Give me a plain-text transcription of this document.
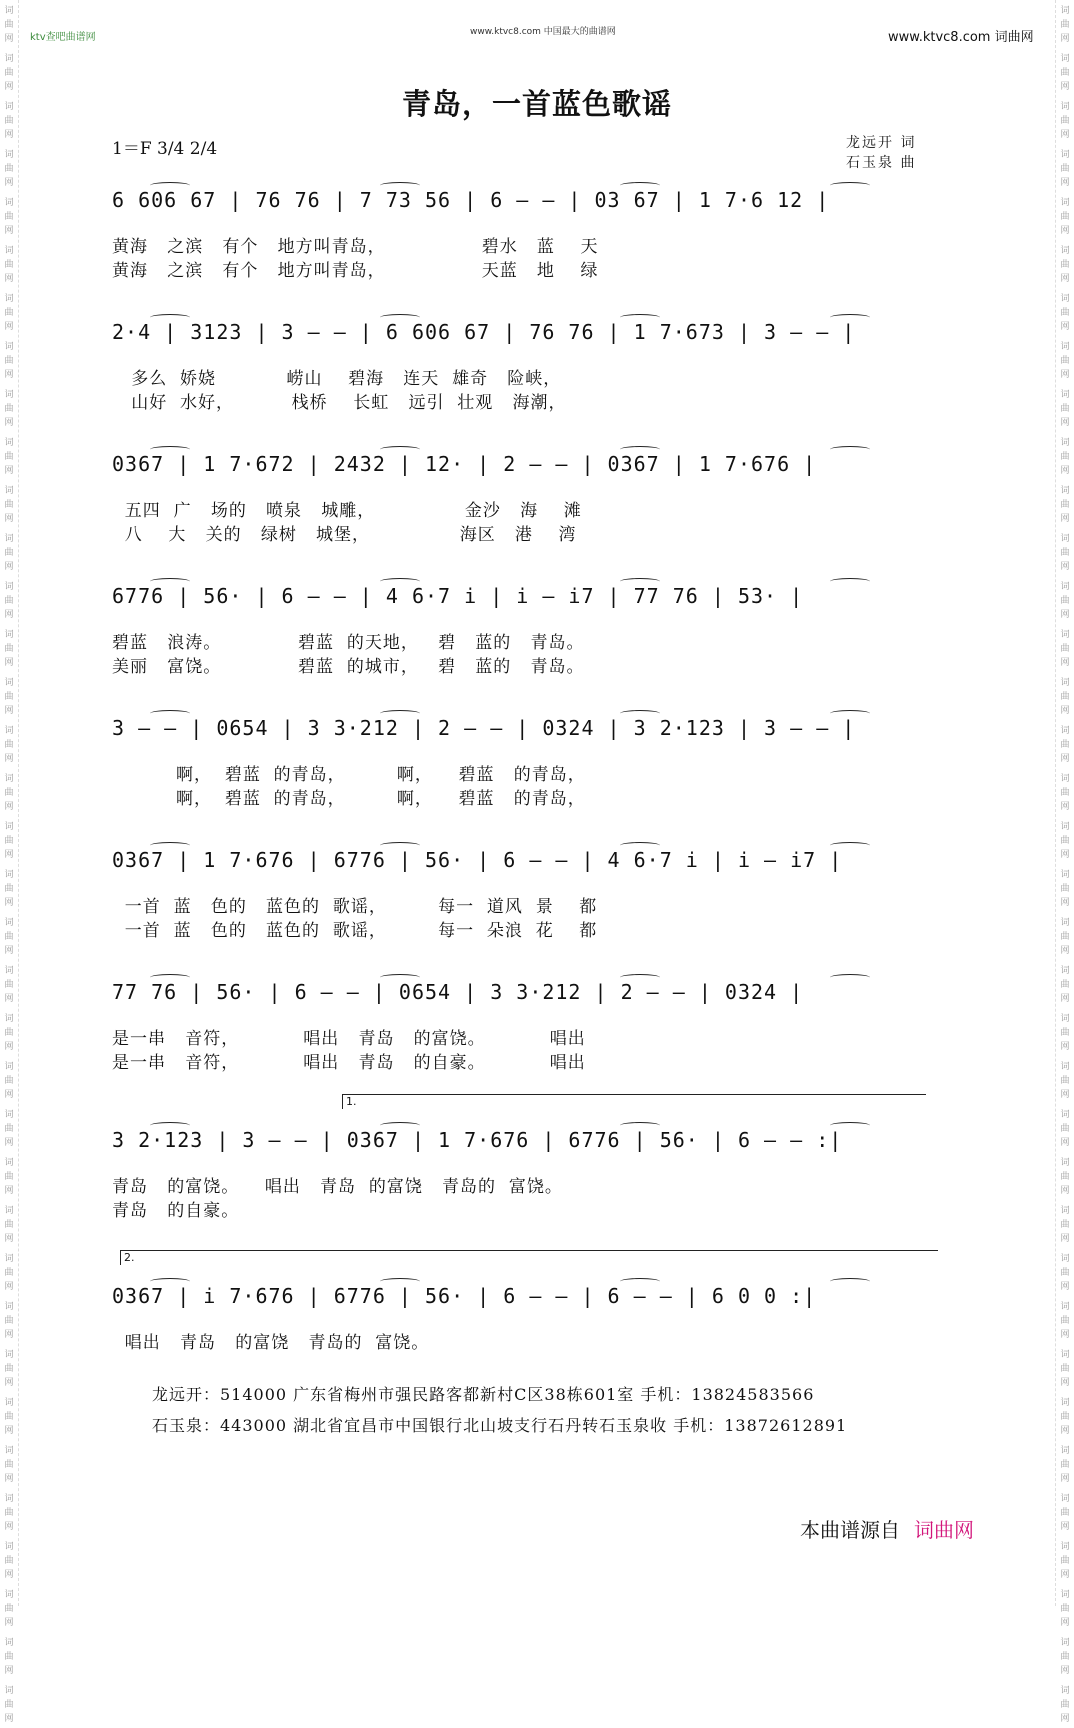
词
曲
网
词
曲
网
词
曲
网
词
曲
网
词
曲
网
词
曲
网
词
曲
网
词
曲
网
词
曲
网
词
曲
网
词
曲
网
词
曲
网
词
曲
网
词
曲
网
词
曲
网
词
曲
网
词
曲
网
词
曲
网
词
曲
网
词
曲
网
词
曲
网
词
曲
网
词
曲
网
词
曲
网
词
曲
网
词
曲
网
词
曲
网
词
曲
网
词
曲
网
词
曲
网
词
曲
网
词
曲
网
词
曲
网
词
曲
网
词
曲
网
词
曲
网
词
曲
网
词
曲
网
词
曲
网
词
曲
网
词
曲
网
词
曲
网
词
曲
网
词
曲
网
词
曲
网
词
曲
网
词
曲
网
词
曲
网
词
曲
网
词
曲
网
词
曲
网
词
曲
网
词
曲
网
词
曲
网
词
曲
网
词
曲
网
词
曲
网
词
曲
网
词
曲
网
词
曲
网
词
曲
网
词
曲
网
词
曲
网
词
曲
网
词
曲
网
词
曲
网
词
曲
网
词
曲
网
词
曲
网
词
曲
网
词
曲
网
词
曲
网
ktv查吧曲谱网	www.ktvc8.com 中国最大的曲谱网	www.ktvc8.com 词曲网
青岛，一首蓝色歌谣
1＝F 3/4 2/4	龙远开 词
石玉泉 曲
6 606 67 | 76 76 | 7 73 56 | 6 — — | 03 67 | 1 7·6 12 |
黄海   之滨   有个   地方叫青岛，               碧水   蓝    天
黄海   之滨   有个   地方叫青岛，               天蓝   地    绿
2·4 | 3123 | 3 — — | 6 606 67 | 76 76 | 1 7·673 | 3 — — |
多么  娇娆           崂山    碧海   连天  雄奇   险峡，
山好  水好，         栈桥    长虹   远引  壮观   海潮，
0367 | 1 7·672 | 2432 | 12· | 2 — — | 0367 | 1 7·676 |
五四  广   场的   喷泉   城雕，              金沙   海    滩
八    大   关的   绿树   城堡，              海区   港    湾
6776 | 56· | 6 — — | 4 6·7 i | i — i7 | 77 76 | 53· |
碧蓝   浪涛。            碧蓝  的天地，   碧   蓝的   青岛。
美丽   富饶。            碧蓝  的城市，   碧   蓝的   青岛。
3 — — | 0654 | 3 3·212 | 2 — — | 0324 | 3 2·123 | 3 — — |
啊，  碧蓝  的青岛，        啊，    碧蓝   的青岛，
啊，  碧蓝  的青岛，        啊，    碧蓝   的青岛，
0367 | 1 7·676 | 6776 | 56· | 6 — — | 4 6·7 i | i — i7 |
一首  蓝   色的   蓝色的  歌谣，        每一  道风  景    都
一首  蓝   色的   蓝色的  歌谣，        每一  朵浪  花    都
77 76 | 56· | 6 — — | 0654 | 3 3·212 | 2 — — | 0324 |
是一串   音符，          唱出   青岛   的富饶。          唱出
是一串   音符，          唱出   青岛   的自豪。          唱出
3 2·123 | 3 — — | 0367 | 1 7·676 | 6776 | 56· | 6 — — :|
青岛   的富饶。    唱出   青岛  的富饶   青岛的  富饶。
青岛   的自豪。
0367 | i 7·676 | 6776 | 56· | 6 — — | 6 — — | 6 0 0 :|
唱出   青岛   的富饶   青岛的  富饶。
1.
2.
龙远开：514000 广东省梅州市强民路客都新村C区38栋601室 手机：13824583566
石玉泉：443000 湖北省宜昌市中国银行北山坡支行石丹转石玉泉收 手机：13872612891
本曲谱源自 词曲网
